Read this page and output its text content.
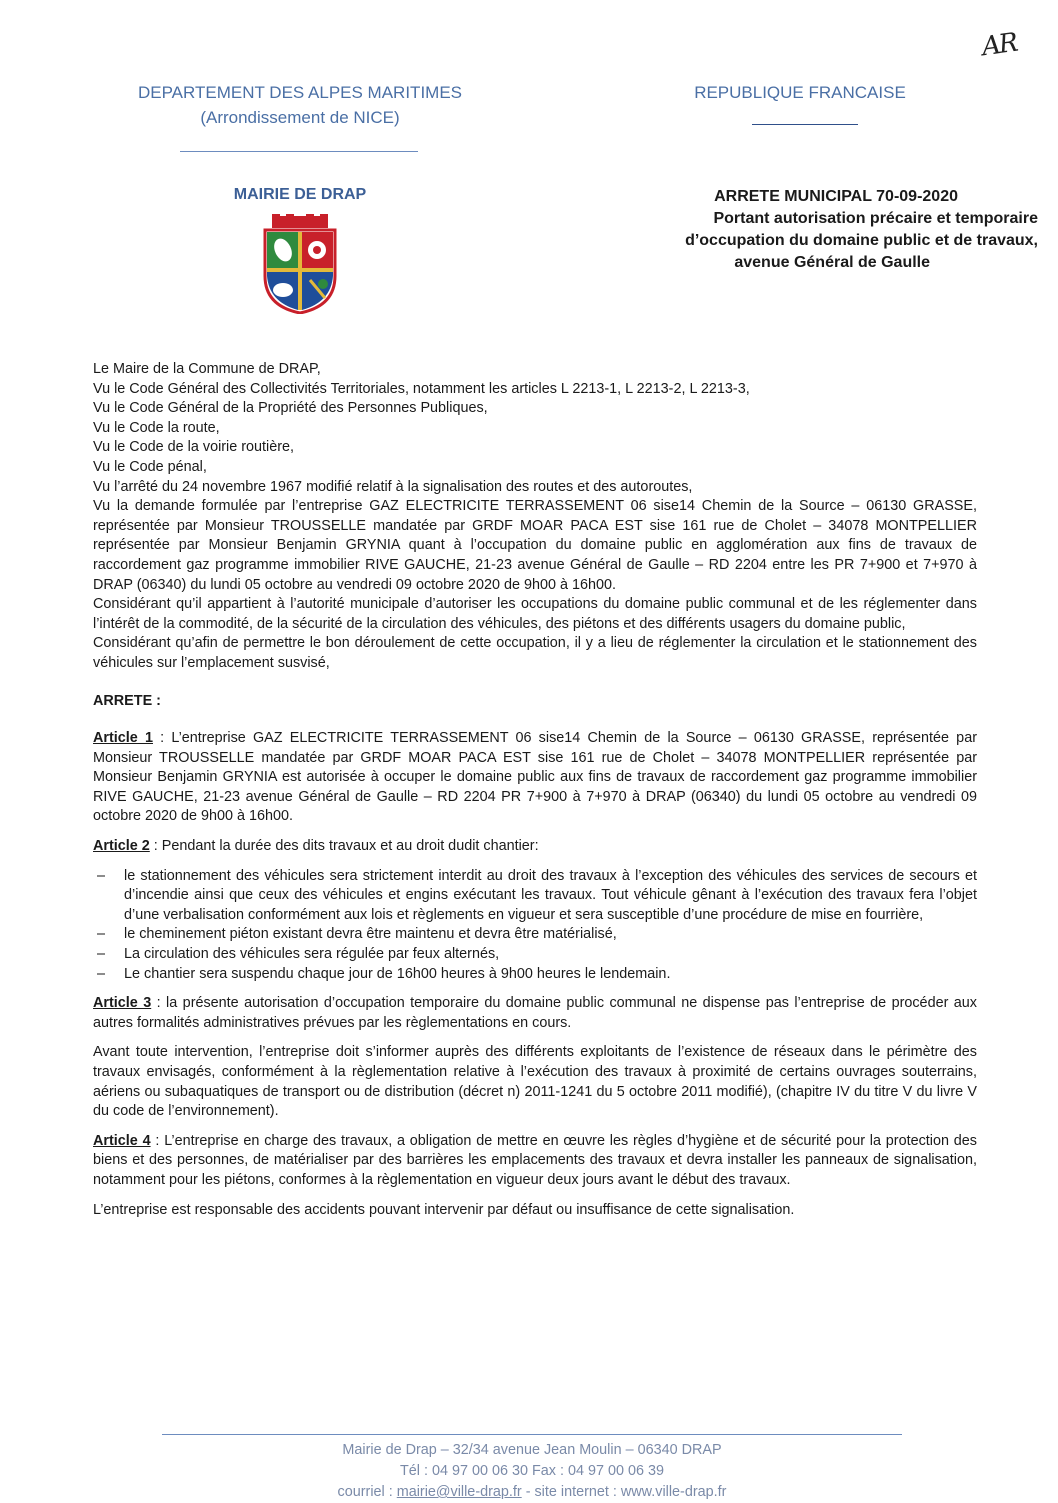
AR
DEPARTEMENT DES ALPES MARITIMES
(Arrondissement de NICE)
REPUBLIQUE FRANCAISE
MAIRIE DE DRAP	ARRETE MUNICIPAL 70-09-2020
Portant autorisation précaire et temporaire
d’occupation du domaine public et de travaux,
avenue Général de Gaulle

Le Maire de la Commune de DRAP,

Vu le Code Général des Collectivités Territoriales, notamment les articles L 2213-1, L 2213-2, L 2213-3,

Vu le Code Général de la Propriété des Personnes Publiques,

Vu le Code la route,

Vu le Code de la voirie routière,

Vu le Code pénal,

Vu l’arrêté du 24 novembre 1967 modifié relatif à la signalisation des routes et des autoroutes,

Vu la demande formulée par l’entreprise GAZ ELECTRICITE TERRASSEMENT 06 sise14 Chemin de la Source – 06130 GRASSE, représentée par Monsieur TROUSSELLE mandatée par GRDF MOAR PACA EST sise 161 rue de Cholet – 34078 MONTPELLIER représentée par Monsieur Benjamin GRYNIA quant à l’occupation du domaine public en agglomération aux fins de travaux de raccordement gaz programme immobilier RIVE GAUCHE, 21-23 avenue Général de Gaulle – RD 2204 entre les PR 7+900 et 7+970 à DRAP (06340) du lundi 05 octobre au vendredi 09 octobre 2020 de 9h00 à 16h00.

Considérant qu’il appartient à l’autorité municipale d’autoriser les occupations du domaine public communal et de les réglementer dans l’intérêt de la commodité, de la sécurité de la circulation des véhicules, des piétons et des différents usagers du domaine public,

Considérant qu’afin de permettre le bon déroulement de cette occupation, il y a lieu de réglementer la circulation et le stationnement des véhicules sur l’emplacement susvisé,

ARRETE :

Article 1 : L’entreprise GAZ ELECTRICITE TERRASSEMENT 06 sise14 Chemin de la Source – 06130 GRASSE, représentée par Monsieur TROUSSELLE mandatée par GRDF MOAR PACA EST sise 161 rue de Cholet – 34078 MONTPELLIER représentée par Monsieur Benjamin GRYNIA est autorisée à occuper le domaine public aux fins de travaux de raccordement gaz programme immobilier RIVE GAUCHE, 21-23 avenue Général de Gaulle – RD 2204 PR 7+900 à 7+970 à DRAP (06340) du lundi 05 octobre au vendredi 09 octobre 2020 de 9h00 à 16h00.

Article 2 : Pendant la durée des dits travaux et au droit dudit chantier:

– le stationnement des véhicules sera strictement interdit au droit des travaux à l’exception des véhicules des services de secours et d’incendie ainsi que ceux des véhicules et engins exécutant les travaux. Tout véhicule gênant à l’exécution des travaux fera l’objet d’une verbalisation conformément aux lois et règlements en vigueur et sera susceptible d’une procédure de mise en fourrière,
– le cheminement piéton existant devra être maintenu et devra être matérialisé,
– La circulation des véhicules sera régulée par feux alternés,
– Le chantier sera suspendu chaque jour de 16h00 heures à 9h00 heures le lendemain.

Article 3 : la présente autorisation d’occupation temporaire du domaine public communal ne dispense pas l’entreprise de procéder aux autres formalités administratives prévues par les règlementations en cours.

Avant toute intervention, l’entreprise doit s’informer auprès des différents exploitants de l’existence de réseaux dans le périmètre des travaux envisagés, conformément à la règlementation relative à l’exécution des travaux à proximité de certains ouvrages souterrains, aériens ou subaquatiques de transport ou de distribution (décret n) 2011-1241 du 5 octobre 2011 modifié), (chapitre IV du titre V du livre V du code de l’environnement).

Article 4 : L’entreprise en charge des travaux, a obligation de mettre en œuvre les règles d’hygiène et de sécurité pour la protection des biens et des personnes, de matérialiser par des barrières les emplacements des travaux et devra installer les panneaux de signalisation, notamment pour les piétons, conformes à la règlementation en vigueur deux jours avant le début des travaux.

L’entreprise est responsable des accidents pouvant intervenir par défaut ou insuffisance de cette signalisation.

Mairie de Drap – 32/34 avenue Jean Moulin – 06340 DRAP
Tél : 04 97 00 06 30 Fax : 04 97 00 06 39
courriel : mairie@ville-drap.fr - site internet : www.ville-drap.fr
